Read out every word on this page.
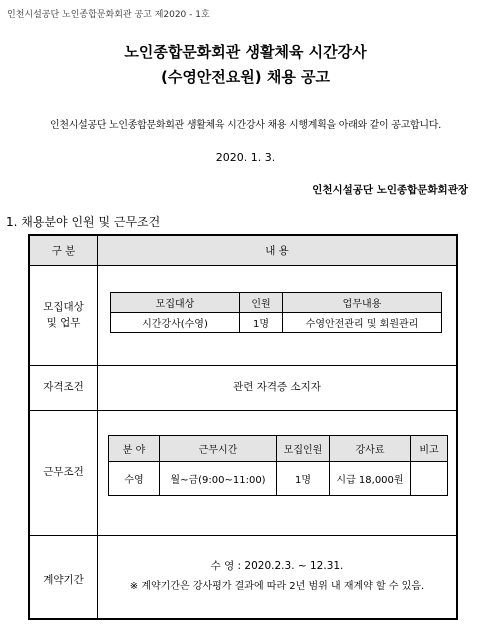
인천시설공단 노인종합문화회관 공고 제2020 - 1호
노인종합문화회관 생활체육 시간강사
(수영안전요원) 채용 공고
인천시설공단 노인종합문화회관 생활체육 시간강사 채용 시행계획을 아래와 같이 공고합니다.
2020. 1. 3.
인천시설공단 노인종합문화회관장
1. 채용분야 인원 및 근무조건
구 분	내 용
모집대상
및 업무
모집대상	인원	업무내용
시간강사(수영)	1명	수영안전관리 및 회원관리
자격조건	관련 자격증 소지자
근무조건
분 야	근무시간	모집인원	강사료	비고
수영	월~금(9:00~11:00)	1명	시급 18,000원	
계약기간
수 영 : 2020.2.3. ~ 12.31.
※ 계약기간은 강사평가 결과에 따라 2년 범위 내 재계약 할 수 있음.
